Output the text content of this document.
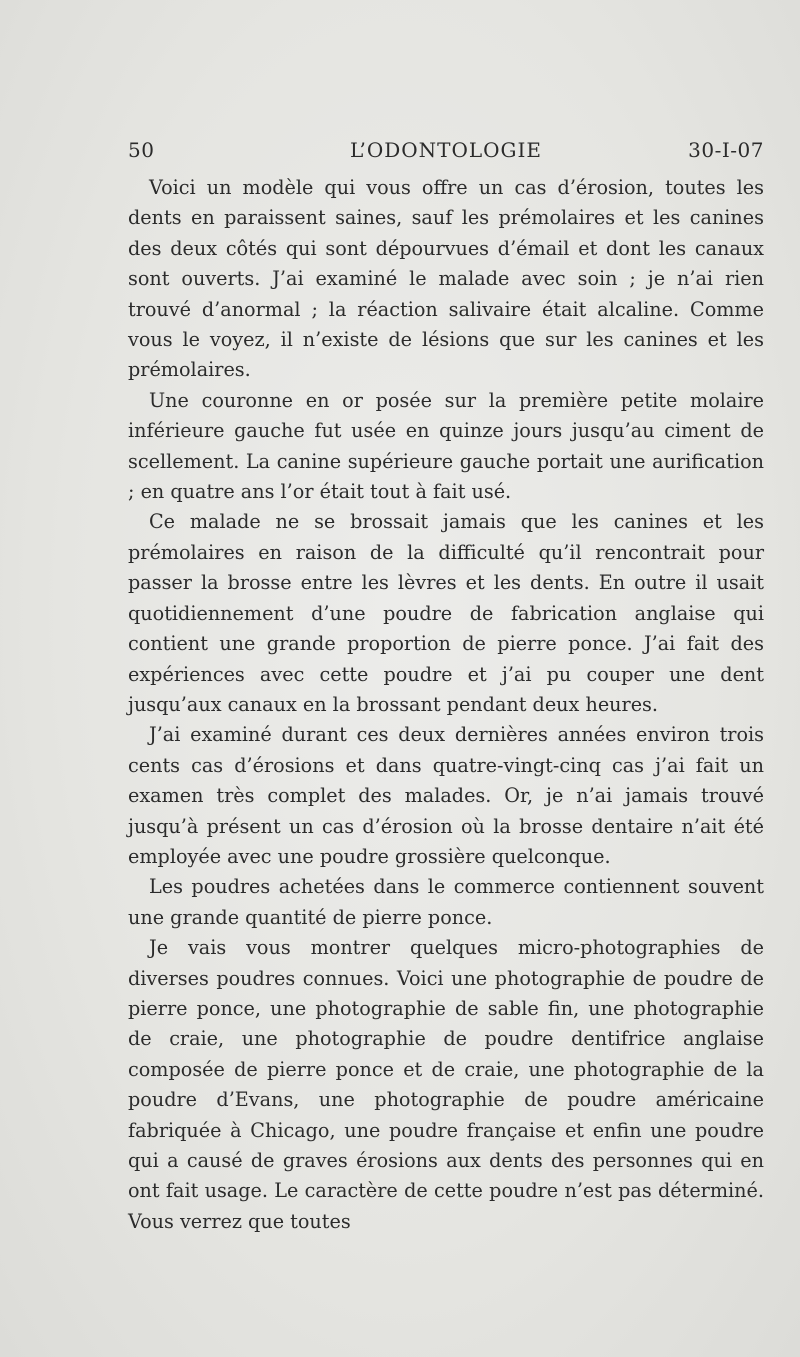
50	L’ODONTOLOGIE	30-I-07

Voici un modèle qui vous offre un cas d’érosion, toutes les dents en paraissent saines, sauf les prémolaires et les canines des deux côtés qui sont dépourvues d’émail et dont les canaux sont ouverts. J’ai examiné le malade avec soin ; je n’ai rien trouvé d’anormal ; la réaction salivaire était alcaline. Comme vous le voyez, il n’existe de lésions que sur les canines et les prémolaires.

Une couronne en or posée sur la première petite molaire inférieure gauche fut usée en quinze jours jusqu’au ciment de scellement. La canine supérieure gauche portait une aurification ; en quatre ans l’or était tout à fait usé.

Ce malade ne se brossait jamais que les canines et les prémolaires en raison de la difficulté qu’il rencontrait pour passer la brosse entre les lèvres et les dents. En outre il usait quotidiennement d’une poudre de fabrication anglaise qui contient une grande proportion de pierre ponce. J’ai fait des expériences avec cette poudre et j’ai pu couper une dent jusqu’aux canaux en la brossant pendant deux heures.

J’ai examiné durant ces deux dernières années environ trois cents cas d’érosions et dans quatre-vingt-cinq cas j’ai fait un examen très complet des malades. Or, je n’ai jamais trouvé jusqu’à présent un cas d’érosion où la brosse dentaire n’ait été employée avec une poudre grossière quelconque.

Les poudres achetées dans le commerce contiennent souvent une grande quantité de pierre ponce.

Je vais vous montrer quelques micro-photographies de diverses poudres connues. Voici une photographie de poudre de pierre ponce, une photographie de sable fin, une photographie de craie, une photographie de poudre dentifrice anglaise composée de pierre ponce et de craie, une photographie de la poudre d’Evans, une photographie de poudre américaine fabriquée à Chicago, une poudre française et enfin une poudre qui a causé de graves érosions aux dents des personnes qui en ont fait usage. Le caractère de cette poudre n’est pas déterminé. Vous verrez que toutes
